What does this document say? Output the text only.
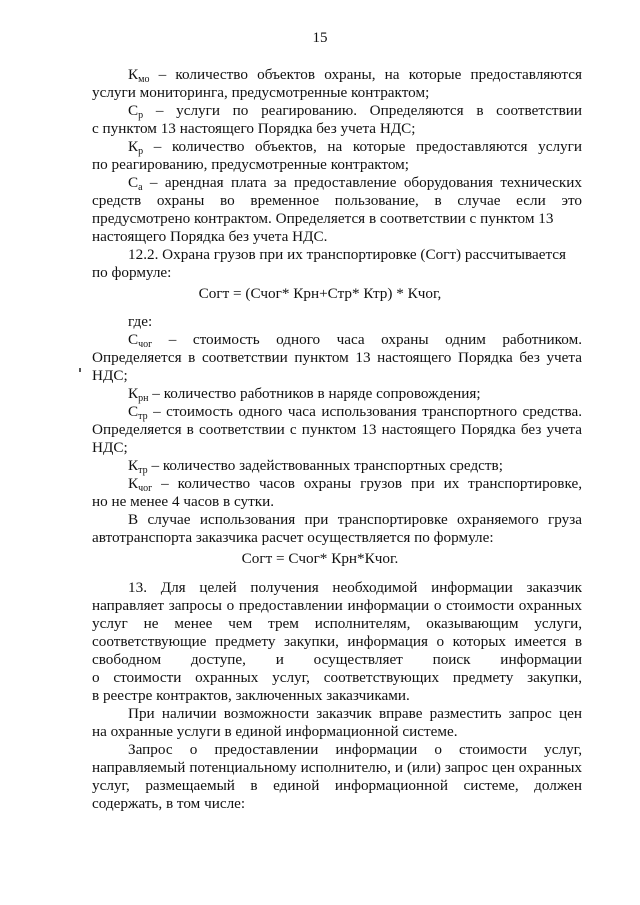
15
$К_{мо}$ – количество объектов охраны, на которые предоставляются
услуги мониторинга, предусмотренные контрактом;
$С_р$ – услуги по реагированию. Определяются в соответствии
с пунктом 13 настоящего Порядка без учета НДС;
$К_р$ – количество объектов, на которые предоставляются услуги
по реагированию, предусмотренные контрактом;
$С_а$ – арендная плата за предоставление оборудования технических
средств охраны во временное пользование, в случае если это
предусмотрено контрактом. Определяется в соответствии с пунктом 13
настоящего Порядка без учета НДС.
12.2. Охрана грузов при их транспортировке (Согт) рассчитывается
по формуле:
Согт = (Счог* Крн+Стр* Ктр) * Кчог,
где:
$С_{чог}$ – стоимость одного часа охраны одним работником.
Определяется в соответствии пунктом 13 настоящего Порядка без учета
НДС;
$К_{рн}$ – количество работников в наряде сопровождения;
$С_{тр}$ – стоимость одного часа использования транспортного средства.
Определяется в соответствии с пунктом 13 настоящего Порядка без учета
НДС;
$К_{тр}$ – количество задействованных транспортных средств;
$К_{чог}$ – количество часов охраны грузов при их транспортировке,
но не менее 4 часов в сутки.
В случае использования при транспортировке охраняемого груза
автотранспорта заказчика расчет осуществляется по формуле:
Согт = Счог* Крн*Кчог.
13. Для целей получения необходимой информации заказчик
направляет запросы о предоставлении информации о стоимости охранных
услуг не менее чем трем исполнителям, оказывающим услуги,
соответствующие предмету закупки, информация о которых имеется в
свободном доступе, и осуществляет поиск информации
о стоимости охранных услуг, соответствующих предмету закупки,
в реестре контрактов, заключенных заказчиками.
При наличии возможности заказчик вправе разместить запрос цен
на охранные услуги в единой информационной системе.
Запрос о предоставлении информации о стоимости услуг,
направляемый потенциальному исполнителю, и (или) запрос цен охранных
услуг, размещаемый в единой информационной системе, должен
содержать, в том числе:
